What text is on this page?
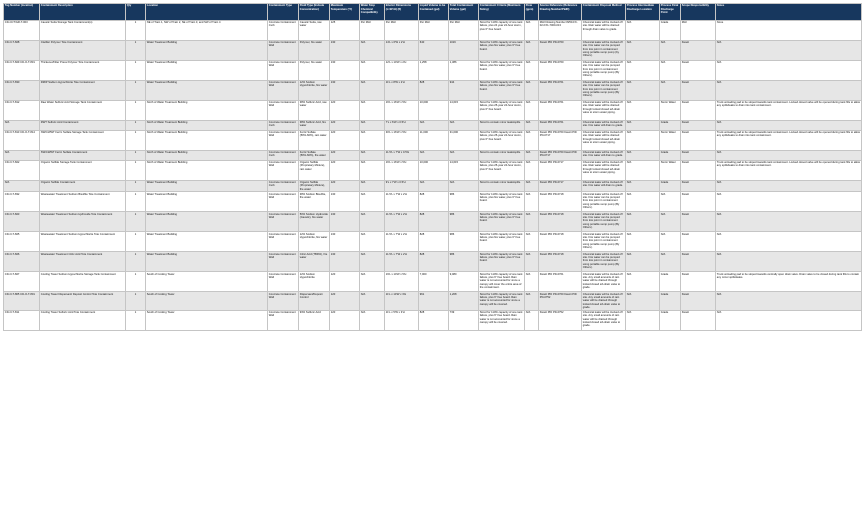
Tag Number (location)	Containment Description	Qty	Location	Containment Type	Fluid Type (Include Concentration)	Maximum Temperature (°F)	Water Stop Chemical Compatibility	Interior Dimensions (L×W×H) (ft)	Liquid Volume to be Contained (gal)	Total Containment Volume (gal)	Containment Criteria (Maximum Sizing)	Flow (gpm)	Source Reference (Reference Drawing Number/P&ID)	Containment Disposal Method	Process Intermediate Discharge Location	Process Final Discharge Point	Scope Responsibility	Notes
CD-CCT/GR-T-003	Caustic Soda Storage Tank Containment(s)	1	NE of Train 1, NW of Train 2, SE of Train 3, and SW of Train 4	Concrete Containment Curb	Caustic Soda, raw water	125	Per MHI	Per MHI	Per MHI	Per MHI	Sized for 110% capacity of one tank failure, plus 24 year 24-hour storm, plus 6" free board.	N/A	MHI Drawing Number 8250-FX-02-FX1-7000-013	Chemical leaks will be trucked off site. Rain water will be drained through drain valve to grade.	N/A	Grade	MHI	None
CD-O-T-828	Clarifier Polymer Tote Containment	1	Water Treatment Building	Concrete Containment Wall	Polymer, fire water	130	N/A	14'L x 6'W x 2'H	640	1016	Sized for 110% capacity of one tank failure, plus fire water, plus 6" free board.	N/A	Kiewit PID PD-0760	Chemical leaks will be trucked off site. Fire water can be pumped from low point in containment using portable sump pump (by Others).	N/A	N/A	Kiewit	N/A
CD-O-T-829 CD-O-T-831	Thickener/Filter Press Polymer Tote Containment	1	Water Treatment Building	Concrete Containment Wall	Polymer, fire water	130	N/A	12'L x 10'W x 2'H	1,258	1,386	Sized for 110% capacity of one tank failure, plus fire water, plus 6" free board.	N/A	Kiewit PID PD-0760	Chemical leaks will be trucked off site. Fire water can be pumped from low point in containment using portable sump pump (By Others).	N/A	N/A	Kiewit	N/A
CD-O-T-830	RMIP Sodium Hypochlorite Tote Containment	1	Water Treatment Building	Concrete Containment Wall	12% Sodium Hypochlorite, fire water	130	N/A	11'L x 8'W x 2'H	828	944	Sized for 110% capacity of one tank failure, plus fire water, plus 6" free board.	N/A	Kiewit PID PD-0761	Chemical leaks will be trucked off site. Fire water can be pumped from low point in containment using portable sump pump (By Others).	N/A	N/A	Kiewit	N/A
CD-O-T-812	Raw Water Sulfuric Acid Storage Tank Containment	1	North of Water Treatment Building	Concrete Containment Wall	38% Sulfuric Acid, raw water	120	N/A	16'L x 16'W x 5'H	10,000	14,615	Sized for 110% capacity of one tank failure, plus 25-year 24-hour storm, plus 6" free board.	N/A	Kiewit PID PD-0761	Chemical leaks will be trucked off site. Rain water will be drained through locked closed siA drain valve to storm water piping.	N/A	Storm Water	Kiewit	Truck unloading pad to be sloped towards tank containment. Locked closed valve will be opened during tank fills to allow any spills/leaks to drain into tank containment.
N/A	RWT Sulfuric Acid Containment	1	North of Water Treatment Building	Concrete Containment Curb	38% Sulfuric Acid, fire water	120	N/A	7'L x 6'W x 0.5'H	N/A	N/A	Sized to contain minor leaks/spills.	N/A	Kiewit PID PD-0761	Chemical leaks will be trucked off site. Fire water will drain to grade.	N/A	Grade	Kiewit	N/A
CD-O-T-813 CD-O-T-814	NW/CWWT Ferric Sulfate Storage Tank Containment	1	North of Water Treatment Building	Concrete Containment Wall	Ferric Sulfate (50%-60%), rain water	120	N/A	30'L x 16'W x 5'H	11,000	31,000	Sized for 110% capacity of one tank failure, plus 25-year 24-hour storm, plus 6" free board.	N/A	Kiewit PID PD-0760 Kiewit PID PD-0717	Chemical leaks will be trucked off site. Rain water will be drained through locked closed siA drain valve to storm water piping.	N/A	Storm Water	Kiewit	Truck unloading pad to be sloped towards tank containment. Locked closed valve will be opened during tank fills to allow any spills/leaks to drain into tank containment.
N/A	SW/CWWT Ferric Sulfate Containment	1	North of Water Treatment Building	Concrete Containment Curb	Ferric Sulfate (50%-60%), fire water	120	N/A	11.5'L x 7'W x 0.5'H	N/A	N/A	Sized to contain minor leaks/spills.	N/A	Kiewit PID PD-0760 Kiewit PID PD-0717	Chemical leaks will be trucked off site. Fire water will drain to grade.	N/A	Grade	Kiewit	N/A
CD-O-T-822	Organic Sulfide Storage Tank Containment	1	North of Water Treatment Building	Concrete Containment Wall	Organic Sulfide (Proprietary Mixture), rain water	120	N/A	16'L x 16'W x 5'H	10,000	14,615	Sized for 110% capacity of one tank failure, plus 25-year 24-hour storm, plus 6" free board.	N/A	Kiewit PID PD-0717	Chemical leaks will be trucked off site. Rain water will be drained through locked closed siA drain valve to storm water piping.	N/A	Storm Water	Kiewit	Truck unloading pad to be sloped towards tank containment. Locked closed valve will be opened during tank fills to allow any spills/leaks to drain into tank containment.
N/A	Organic Sulfide Containment	1	Water Treatment Building	Concrete Containment Curb	Organic Sulfide (Proprietary Mixture), fire water	120	N/A	9'L x 7'W x 0.5'H	N/A	N/A	Sized to contain minor leaks/spills.	N/A	Kiewit PID PD-0717	Chemical leaks will be trucked off site. Fire water will drain to grade.	N/A	Grade	Kiewit	N/A
CD-O-T-832	Wastewater Treatment Sodium Bisulfite Tote Containment	1	Water Treatment Building	Concrete Containment Wall	38% Sodium Bisulfite, fire water	130	N/A	11.5'L x 7'W x 2'H	828	986	Sized for 110% capacity of one tank failure, plus fire water, plus 6" free board.	N/A	Kiewit PID PD-0718	Chemical leaks will be trucked off site. Fire water can be pumped from low point in containment using portable sump pump (By Others).	N/A	N/A	Kiewit	N/A
CD-O-T-823	Wastewater Treatment Sodium Hydroxide Tote Containment	1	Water Treatment Building	Concrete Containment Wall	50% Sodium Hydroxide (Caustic), fire water	130	N/A	11.5'L x 7'W x 2'H	828	986	Sized for 110% capacity of one tank failure, plus fire water, plus 6" free board.	N/A	Kiewit PID PD-0718	Chemical leaks will be trucked off site. Fire water can be pumped from low point in containment using portable sump pump (By Others).	N/A	N/A	Kiewit	N/A
CD-O-T-825	Wastewater Treatment Sodium Hypochlorite Tote Containment	1	Water Treatment Building	Concrete Containment Wall	12% Sodium Hypochlorite, fire water	130	N/A	11.5'L x 7'W x 2'H	828	986	Sized for 110% capacity of one tank failure, plus fire water, plus 6" free board.	N/A	Kiewit PID PD-0718	Chemical leaks will be trucked off site. Fire water can be pumped from low point in containment using portable sump pump (By Others).	N/A	N/A	Kiewit	N/A
CD-O-T-826	Wastewater Treatment Citric Acid Tote Containment	1	Water Treatment Building	Concrete Containment Wall	Citric Acid (TBD%), fire water	130	N/A	11.5'L x 7'W x 2'H	828	986	Sized for 110% capacity of one tank failure, plus fire water, plus 6" free board.	N/A	Kiewit PID PD-0718	Chemical leaks will be trucked off site. Fire water can be pumped from low point in containment using portable sump pump (By Others).	N/A	N/A	Kiewit	N/A
CD-O-T-827	Cooling Tower Sodium Hypochlorite Storage Tank Containment	1	South of Cooling Tower	Concrete Containment Wall	12% Sodium Hypochlorite	120	N/A	19'L x 10'W x 5'H	7,000	9,080	Sized for 110% capacity of one tank failure, plus 6" free board. Rain water is not accounted for since a canopy will cover the entire area of the containment.	N/A	Kiewit PID PD-0761	Chemical leaks will be trucked off site. Any small amounts of rain water will be drained through locked closed siA drain valve to grade.	N/A	Grade	Kiewit	Truck unloading pad to be sloped towards centrally open drain valve. Drain valve to be closed during tank fills to contain any minor spills/leaks.
CD-O-T-805 CD-O-T-801	Cooling Tower Dispersant/ Deposit Control Tote Containment	1	South of Cooling Tower	Concrete Containment Wall	Dispersant/Deposit Control	120	N/A	11'L x 10'W x 3'H	961	1,208	Sized for 110% capacity of one tank failure, plus 6" free board. Rain water is not accounted for since a canopy will be covered.	N/A	Kiewit PID PD-0760 Kiewit PID PD-0752	Chemical leaks will be trucked off site. Any small amounts of rain water will be drained through locked closed siA drain valve to grade.	N/A	Grade	Kiewit	N/A
CD-O-T-811	Cooling Tower Sulfuric Acid Tote Containment	1	South of Cooling Tower	Concrete Containment Wall	93% Sulfuric Acid	120	N/A	11'L x 5'W x 3'H	828	739	Sized for 110% capacity of one tank failure, plus 6" free board. Rain water is not accounted for since a canopy will be covered.	N/A	Kiewit PID PD-0752	Chemical leaks will be trucked off site. Any small amounts of rain water will be drained through locked closed siA drain valve to grade.	N/A	Grade	Kiewit	N/A
